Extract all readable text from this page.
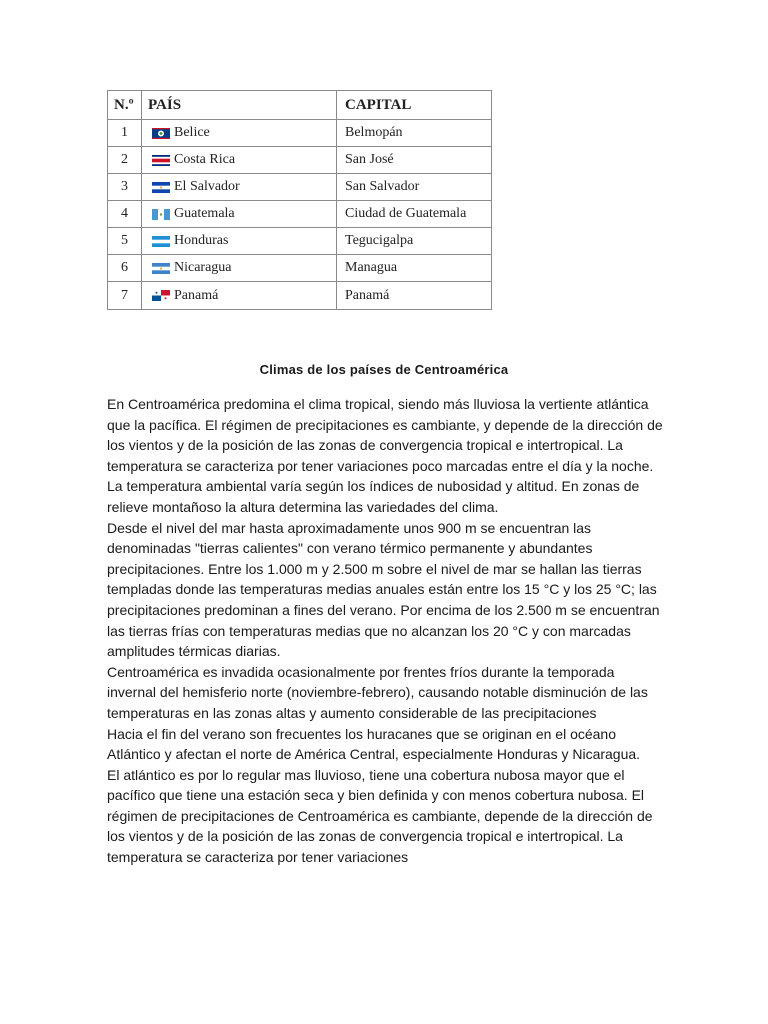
N.º	PAÍS	CAPITAL
1	Belice	Belmopán
2	Costa Rica	San José
3	El Salvador	San Salvador
4	Guatemala	Ciudad de Guatemala
5	Honduras	Tegucigalpa
6	Nicaragua	Managua
7	Panamá	Panamá
Climas de los países de Centroamérica

En Centroamérica predomina el clima tropical, siendo más lluviosa la vertiente atlántica que la pacífica. El régimen de precipitaciones es cambiante, y depende de la dirección de los vientos y de la posición de las zonas de convergencia tropical e intertropical. La temperatura se caracteriza por tener variaciones poco marcadas entre el día y la noche. La temperatura ambiental varía según los índices de nubosidad y altitud. En zonas de relieve montañoso la altura determina las variedades del clima.

Desde el nivel del mar hasta aproximadamente unos 900 m se encuentran las denominadas "tierras calientes" con verano térmico permanente y abundantes precipitaciones. Entre los 1.000 m y 2.500 m sobre el nivel de mar se hallan las tierras templadas donde las temperaturas medias anuales están entre los 15 °C y los 25 °C; las precipitaciones predominan a fines del verano. Por encima de los 2.500 m se encuentran las tierras frías con temperaturas medias que no alcanzan los 20 °C y con marcadas amplitudes térmicas diarias.

Centroamérica es invadida ocasionalmente por frentes fríos durante la temporada invernal del hemisferio norte (noviembre-febrero), causando notable disminución de las temperaturas en las zonas altas y aumento considerable de las precipitaciones

Hacia el fin del verano son frecuentes los huracanes que se originan en el océano Atlántico y afectan el norte de América Central, especialmente Honduras y Nicaragua.

El atlántico es por lo regular mas lluvioso, tiene una cobertura nubosa mayor que el pacífico que tiene una estación seca y bien definida y con menos cobertura nubosa. El régimen de precipitaciones de Centroamérica es cambiante, depende de la dirección de los vientos y de la posición de las zonas de convergencia tropical e intertropical. La temperatura se caracteriza por tener variaciones
